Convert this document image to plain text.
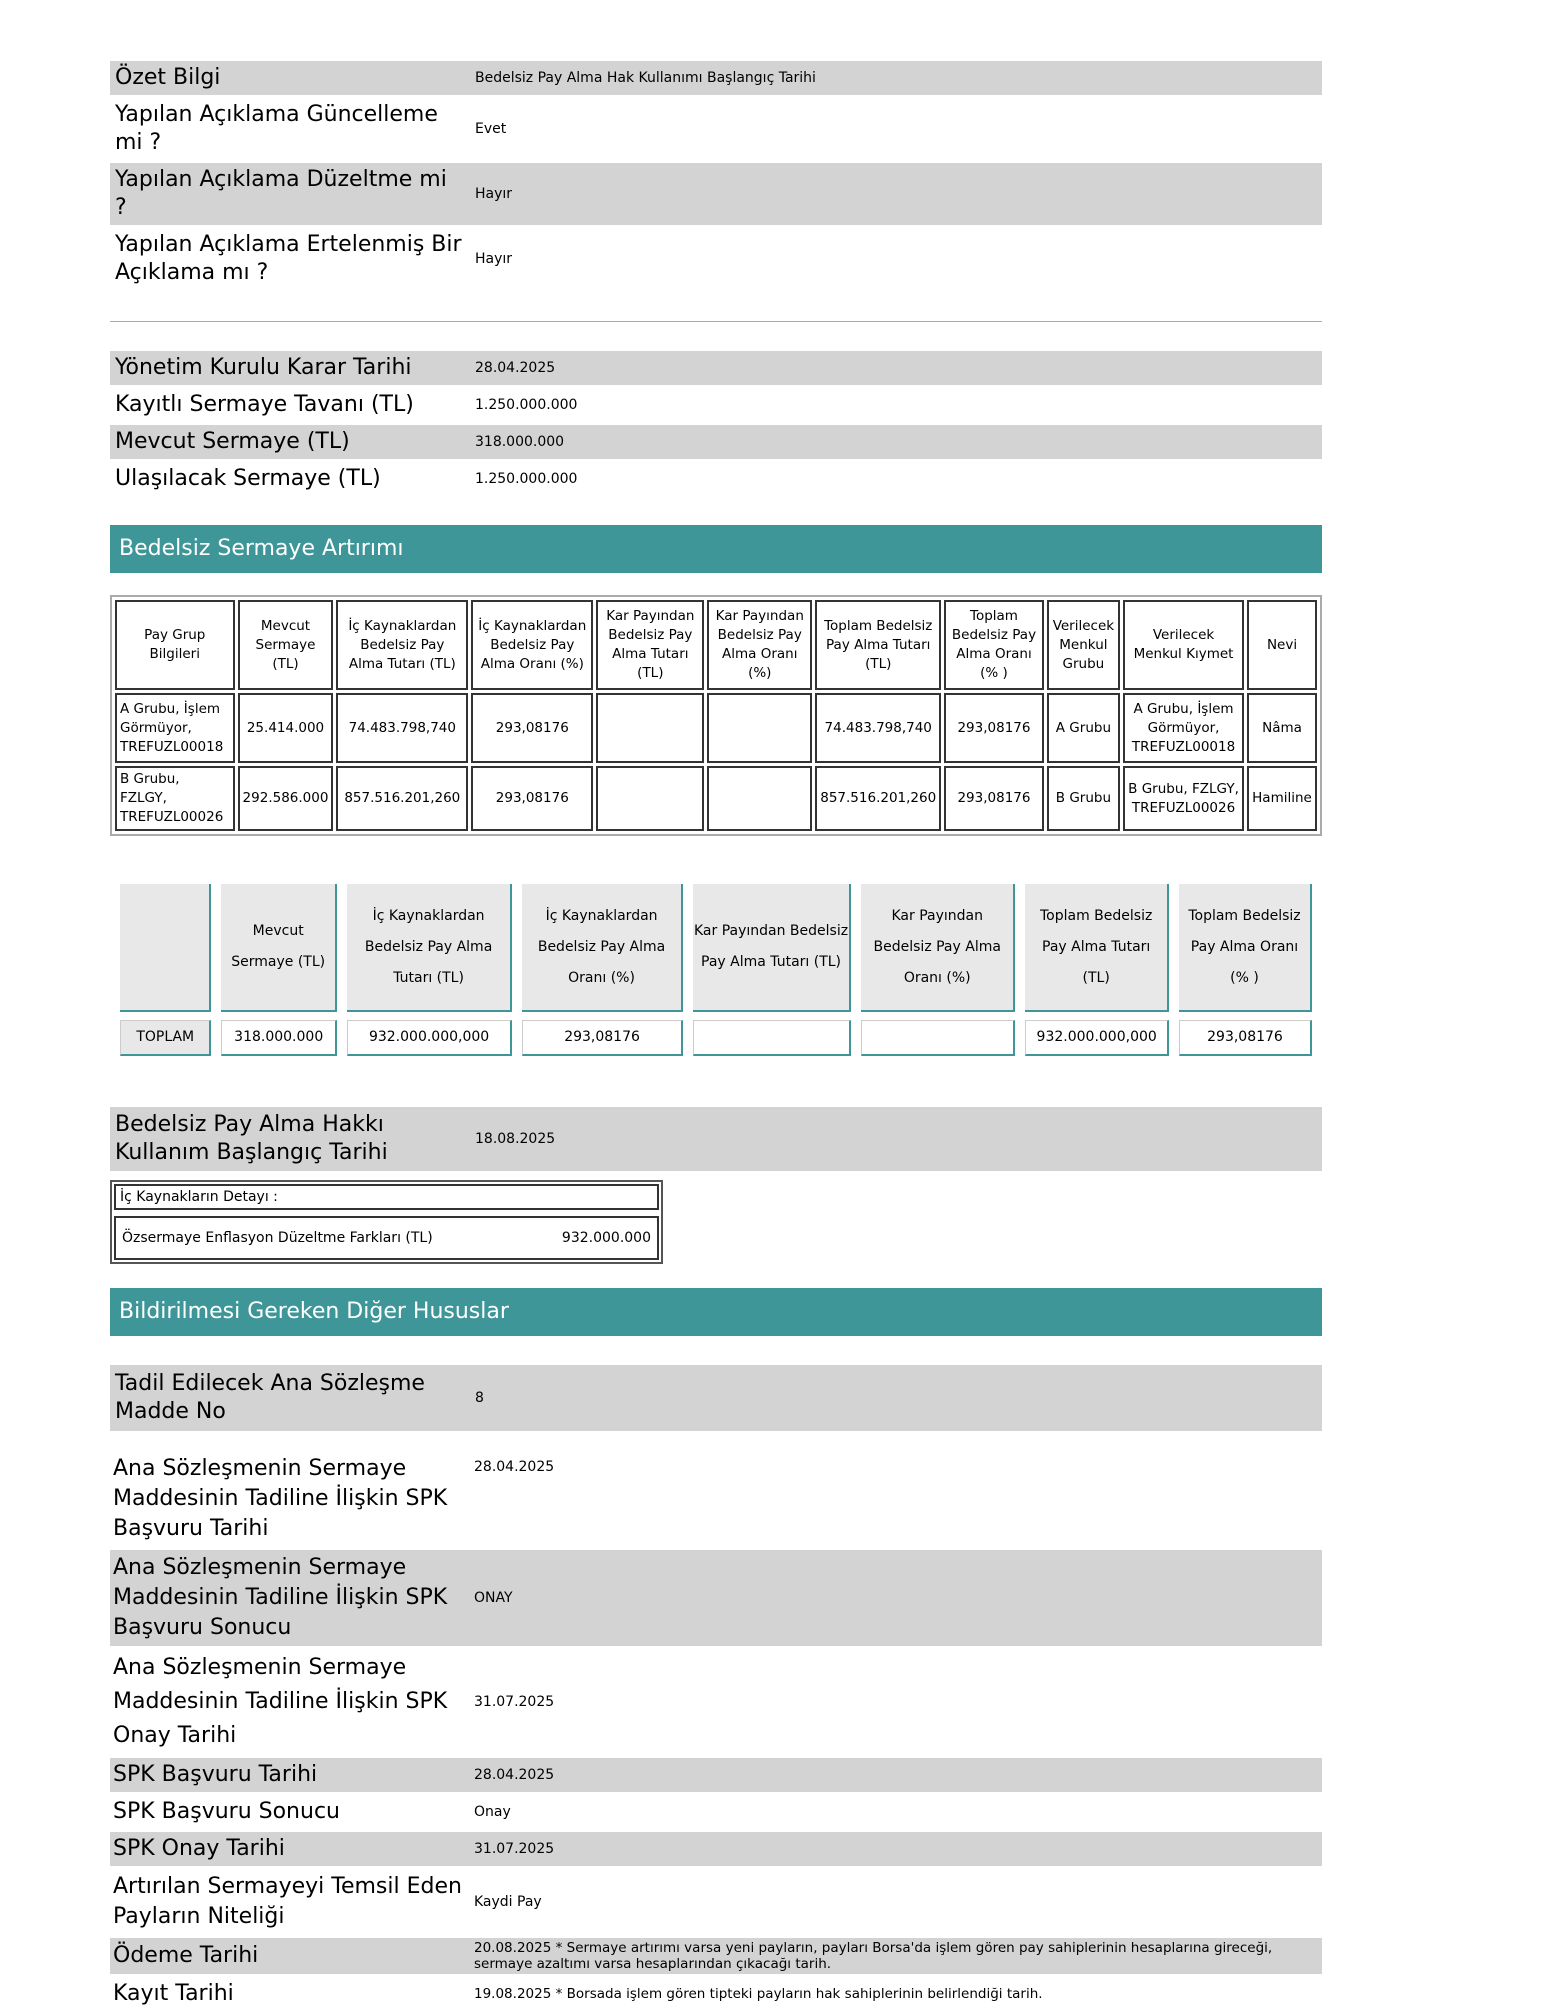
Özet Bilgi	Bedelsiz Pay Alma Hak Kullanımı Başlangıç Tarihi
Yapılan Açıklama Güncelleme mi ?	Evet
Yapılan Açıklama Düzeltme mi ?	Hayır
Yapılan Açıklama Ertelenmiş Bir Açıklama mı ?	Hayır
Yönetim Kurulu Karar Tarihi	28.04.2025
Kayıtlı Sermaye Tavanı (TL)	1.250.000.000
Mevcut Sermaye (TL)	318.000.000
Ulaşılacak Sermaye (TL)	1.250.000.000
Bedelsiz Sermaye Artırımı
Pay Grup Bilgileri	Mevcut Sermaye (TL)	İç Kaynaklardan Bedelsiz Pay Alma Tutarı (TL)	İç Kaynaklardan Bedelsiz Pay Alma Oranı (%)	Kar Payından Bedelsiz Pay Alma Tutarı (TL)	Kar Payından Bedelsiz Pay Alma Oranı (%)	Toplam Bedelsiz Pay Alma Tutarı (TL)	Toplam Bedelsiz Pay Alma Oranı (% )	Verilecek Menkul Grubu	Verilecek Menkul Kıymet	Nevi
A Grubu, İşlem Görmüyor, TREFUZL00018	25.414.000	74.483.798,740	293,08176			74.483.798,740	293,08176	A Grubu	A Grubu, İşlem Görmüyor, TREFUZL00018	Nâma
B Grubu, FZLGY, TREFUZL00026	292.586.000	857.516.201,260	293,08176			857.516.201,260	293,08176	B Grubu	B Grubu, FZLGY, TREFUZL00026	Hamiline
	Mevcut Sermaye (TL)	İç Kaynaklardan Bedelsiz Pay Alma Tutarı (TL)	İç Kaynaklardan Bedelsiz Pay Alma Oranı (%)	Kar Payından Bedelsiz Pay Alma Tutarı (TL)	Kar Payından Bedelsiz Pay Alma Oranı (%)	Toplam Bedelsiz Pay Alma Tutarı (TL)	Toplam Bedelsiz Pay Alma Oranı (% )
TOPLAM	318.000.000	932.000.000,000	293,08176			932.000.000,000	293,08176
Bedelsiz Pay Alma Hakkı Kullanım Başlangıç Tarihi	18.08.2025
İç Kaynakların Detayı :
Özsermaye Enflasyon Düzeltme Farkları (TL)	932.000.000
Bildirilmesi Gereken Diğer Hususlar
Tadil Edilecek Ana Sözleşme Madde No	8
Ana Sözleşmenin Sermaye Maddesinin Tadiline İlişkin SPK Başvuru Tarihi	28.04.2025
Ana Sözleşmenin Sermaye Maddesinin Tadiline İlişkin SPK Başvuru Sonucu	ONAY
Ana Sözleşmenin Sermaye Maddesinin Tadiline İlişkin SPK Onay Tarihi	31.07.2025
SPK Başvuru Tarihi	28.04.2025
SPK Başvuru Sonucu	Onay
SPK Onay Tarihi	31.07.2025
Artırılan Sermayeyi Temsil Eden Payların Niteliği	Kaydi Pay
Ödeme Tarihi	20.08.2025 * Sermaye artırımı varsa yeni payların, payları Borsa'da işlem gören pay sahiplerinin hesaplarına gireceği, sermaye azaltımı varsa hesaplarından çıkacağı tarih.
Kayıt Tarihi	19.08.2025 * Borsada işlem gören tipteki payların hak sahiplerinin belirlendiği tarih.
